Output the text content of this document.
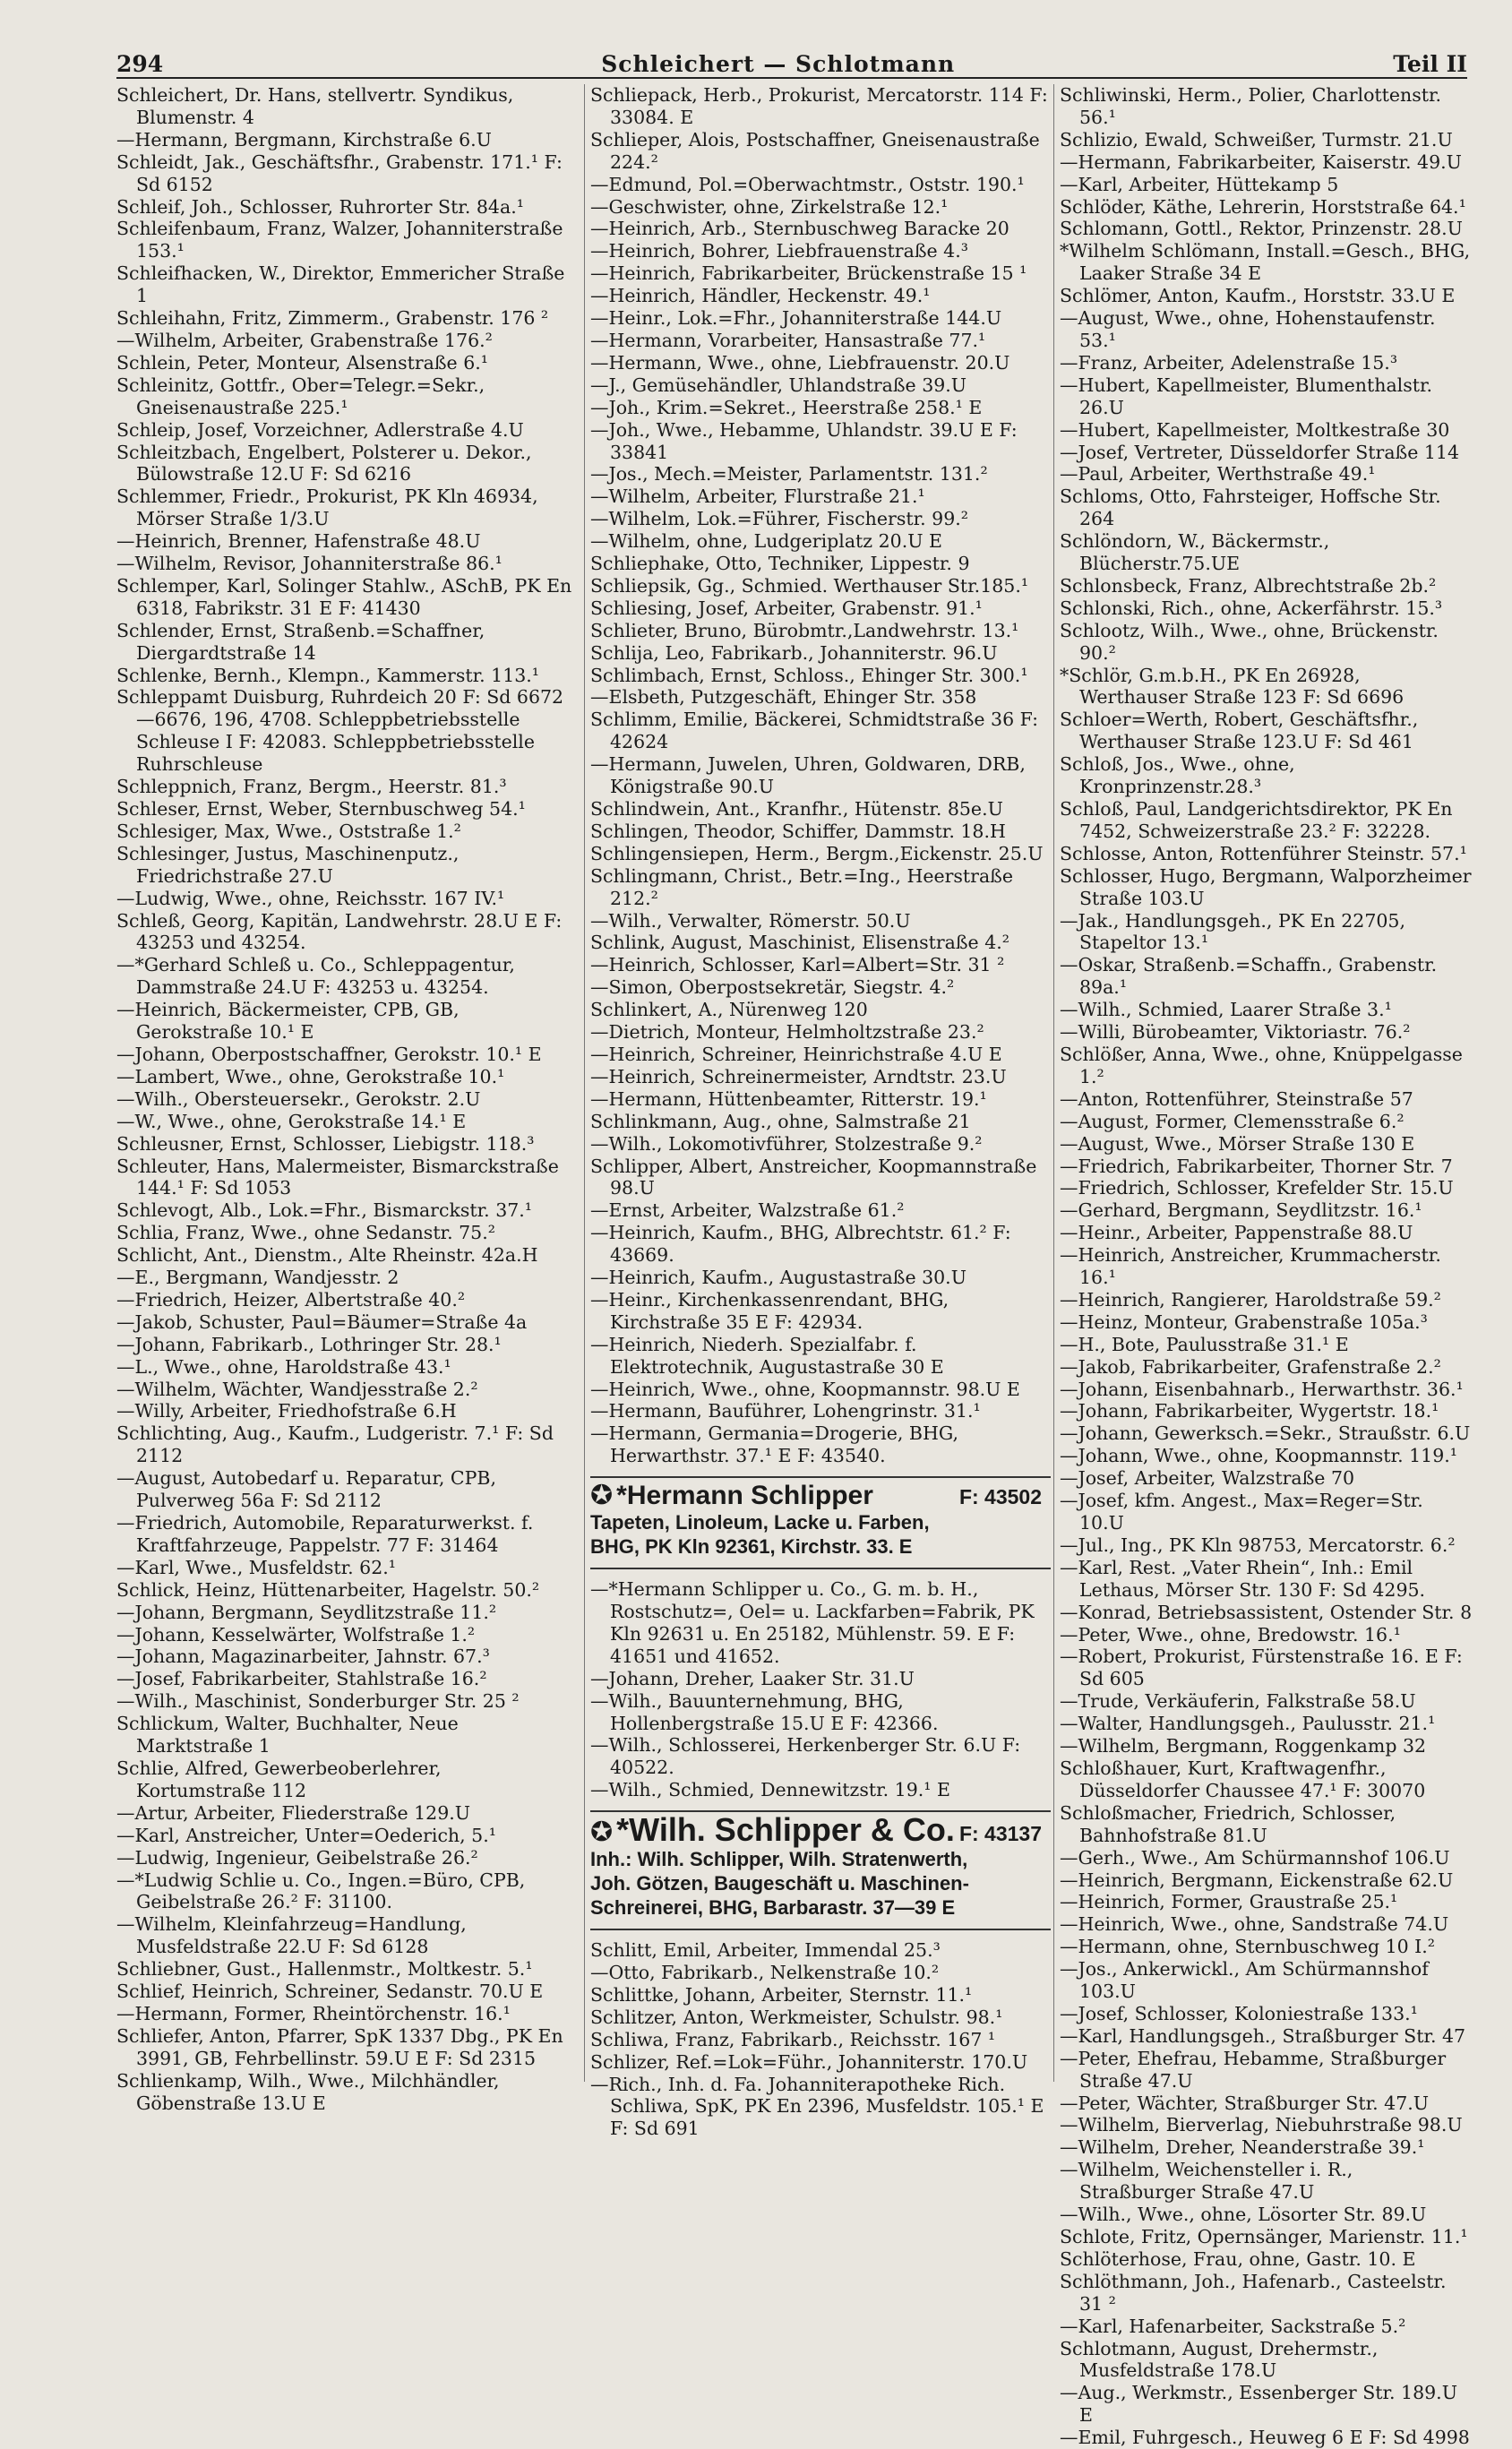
294	Schleichert — Schlotmann	Teil II
Schleichert, Dr. Hans, stellvertr. Syndikus, Blumenstr. 4
—Hermann, Bergmann, Kirchstraße 6.U
Schleidt, Jak., Geschäftsfhr., Grabenstr. 171.¹ F: Sd 6152
Schleif, Joh., Schlosser, Ruhrorter Str. 84a.¹
Schleifenbaum, Franz, Walzer, Johanniterstraße 153.¹
Schleifhacken, W., Direktor, Emmericher Straße 1
Schleihahn, Fritz, Zimmerm., Grabenstr. 176 ²
—Wilhelm, Arbeiter, Grabenstraße 176.²
Schlein, Peter, Monteur, Alsenstraße 6.¹
Schleinitz, Gottfr., Ober=Telegr.=Sekr., Gneisenaustraße 225.¹
Schleip, Josef, Vorzeichner, Adlerstraße 4.U
Schleitzbach, Engelbert, Polsterer u. Dekor., Bülowstraße 12.U F: Sd 6216
Schlemmer, Friedr., Prokurist, PK Kln 46934, Mörser Straße 1/3.U
—Heinrich, Brenner, Hafenstraße 48.U
—Wilhelm, Revisor, Johanniterstraße 86.¹
Schlemper, Karl, Solinger Stahlw., ASchB, PK En 6318, Fabrikstr. 31 E F: 41430
Schlender, Ernst, Straßenb.=Schaffner, Diergardtstraße 14
Schlenke, Bernh., Klempn., Kammerstr. 113.¹
Schleppamt Duisburg, Ruhrdeich 20 F: Sd 6672—6676, 196, 4708. Schleppbetriebsstelle Schleuse I F: 42083. Schleppbetriebsstelle Ruhrschleuse
Schleppnich, Franz, Bergm., Heerstr. 81.³
Schleser, Ernst, Weber, Sternbuschweg 54.¹
Schlesiger, Max, Wwe., Oststraße 1.²
Schlesinger, Justus, Maschinenputz., Friedrichstraße 27.U
—Ludwig, Wwe., ohne, Reichsstr. 167 IV.¹
Schleß, Georg, Kapitän, Landwehrstr. 28.U E F: 43253 und 43254.
—*Gerhard Schleß u. Co., Schleppagentur, Dammstraße 24.U F: 43253 u. 43254.
—Heinrich, Bäckermeister, CPB, GB, Gerokstraße 10.¹ E
—Johann, Oberpostschaffner, Gerokstr. 10.¹ E
—Lambert, Wwe., ohne, Gerokstraße 10.¹
—Wilh., Obersteuersekr., Gerokstr. 2.U
—W., Wwe., ohne, Gerokstraße 14.¹ E
Schleusner, Ernst, Schlosser, Liebigstr. 118.³
Schleuter, Hans, Malermeister, Bismarckstraße 144.¹ F: Sd 1053
Schlevogt, Alb., Lok.=Fhr., Bismarckstr. 37.¹
Schlia, Franz, Wwe., ohne Sedanstr. 75.²
Schlicht, Ant., Dienstm., Alte Rheinstr. 42a.H
—E., Bergmann, Wandjesstr. 2
—Friedrich, Heizer, Albertstraße 40.²
—Jakob, Schuster, Paul=Bäumer=Straße 4a
—Johann, Fabrikarb., Lothringer Str. 28.¹
—L., Wwe., ohne, Haroldstraße 43.¹
—Wilhelm, Wächter, Wandjesstraße 2.²
—Willy, Arbeiter, Friedhofstraße 6.H
Schlichting, Aug., Kaufm., Ludgeristr. 7.¹ F: Sd 2112
—August, Autobedarf u. Reparatur, CPB, Pulverweg 56a F: Sd 2112
—Friedrich, Automobile, Reparaturwerkst. f. Kraftfahrzeuge, Pappelstr. 77 F: 31464
—Karl, Wwe., Musfeldstr. 62.¹
Schlick, Heinz, Hüttenarbeiter, Hagelstr. 50.²
—Johann, Bergmann, Seydlitzstraße 11.²
—Johann, Kesselwärter, Wolfstraße 1.²
—Johann, Magazinarbeiter, Jahnstr. 67.³
—Josef, Fabrikarbeiter, Stahlstraße 16.²
—Wilh., Maschinist, Sonderburger Str. 25 ²
Schlickum, Walter, Buchhalter, Neue Marktstraße 1
Schlie, Alfred, Gewerbeoberlehrer, Kortumstraße 112
—Artur, Arbeiter, Fliederstraße 129.U
—Karl, Anstreicher, Unter=Oederich, 5.¹
—Ludwig, Ingenieur, Geibelstraße 26.²
—*Ludwig Schlie u. Co., Ingen.=Büro, CPB, Geibelstraße 26.² F: 31100.
—Wilhelm, Kleinfahrzeug=Handlung, Musfeldstraße 22.U F: Sd 6128
Schliebner, Gust., Hallenmstr., Moltkestr. 5.¹
Schlief, Heinrich, Schreiner, Sedanstr. 70.U E
—Hermann, Former, Rheintörchenstr. 16.¹
Schliefer, Anton, Pfarrer, SpK 1337 Dbg., PK En 3991, GB, Fehrbellinstr. 59.U E F: Sd 2315
Schlienkamp, Wilh., Wwe., Milchhändler, Göbenstraße 13.U E
Schliepack, Herb., Prokurist, Mercatorstr. 114 F: 33084. E
Schlieper, Alois, Postschaffner, Gneisenaustraße 224.²
—Edmund, Pol.=Oberwachtmstr., Oststr. 190.¹
—Geschwister, ohne, Zirkelstraße 12.¹
—Heinrich, Arb., Sternbuschweg Baracke 20
—Heinrich, Bohrer, Liebfrauenstraße 4.³
—Heinrich, Fabrikarbeiter, Brückenstraße 15 ¹
—Heinrich, Händler, Heckenstr. 49.¹
—Heinr., Lok.=Fhr., Johanniterstraße 144.U
—Hermann, Vorarbeiter, Hansastraße 77.¹
—Hermann, Wwe., ohne, Liebfrauenstr. 20.U
—J., Gemüsehändler, Uhlandstraße 39.U
—Joh., Krim.=Sekret., Heerstraße 258.¹ E
—Joh., Wwe., Hebamme, Uhlandstr. 39.U E F: 33841
—Jos., Mech.=Meister, Parlamentstr. 131.²
—Wilhelm, Arbeiter, Flurstraße 21.¹
—Wilhelm, Lok.=Führer, Fischerstr. 99.²
—Wilhelm, ohne, Ludgeriplatz 20.U E
Schliephake, Otto, Techniker, Lippestr. 9
Schliepsik, Gg., Schmied. Werthauser Str.185.¹
Schliesing, Josef, Arbeiter, Grabenstr. 91.¹
Schlieter, Bruno, Bürobmtr.,Landwehrstr. 13.¹
Schlija, Leo, Fabrikarb., Johanniterstr. 96.U
Schlimbach, Ernst, Schloss., Ehinger Str. 300.¹
—Elsbeth, Putzgeschäft, Ehinger Str. 358
Schlimm, Emilie, Bäckerei, Schmidtstraße 36 F: 42624
—Hermann, Juwelen, Uhren, Goldwaren, DRB, Königstraße 90.U
Schlindwein, Ant., Kranfhr., Hütenstr. 85e.U
Schlingen, Theodor, Schiffer, Dammstr. 18.H
Schlingensiepen, Herm., Bergm.,Eickenstr. 25.U
Schlingmann, Christ., Betr.=Ing., Heerstraße 212.²
—Wilh., Verwalter, Römerstr. 50.U
Schlink, August, Maschinist, Elisenstraße 4.²
—Heinrich, Schlosser, Karl=Albert=Str. 31 ²
—Simon, Oberpostsekretär, Siegstr. 4.²
Schlinkert, A., Nürenweg 120
—Dietrich, Monteur, Helmholtzstraße 23.²
—Heinrich, Schreiner, Heinrichstraße 4.U E
—Heinrich, Schreinermeister, Arndtstr. 23.U
—Hermann, Hüttenbeamter, Ritterstr. 19.¹
Schlinkmann, Aug., ohne, Salmstraße 21
—Wilh., Lokomotivführer, Stolzestraße 9.²
Schlipper, Albert, Anstreicher, Koopmannstraße 98.U
—Ernst, Arbeiter, Walzstraße 61.²
—Heinrich, Kaufm., BHG, Albrechtstr. 61.² F: 43669.
—Heinrich, Kaufm., Augustastraße 30.U
—Heinr., Kirchenkassenrendant, BHG, Kirchstraße 35 E F: 42934.
—Heinrich, Niederh. Spezialfabr. f. Elektrotechnik, Augustastraße 30 E
—Heinrich, Wwe., ohne, Koopmannstr. 98.U E
—Hermann, Bauführer, Lohengrinstr. 31.¹
—Hermann, Germania=Drogerie, BHG, Herwarthstr. 37.¹ E F: 43540.
✪ *Hermann Schlipper	F: 43502
Tapeten, Linoleum, Lacke u. Farben,
BHG, PK Kln 92361, Kirchstr. 33. E
—*Hermann Schlipper u. Co., G. m. b. H., Rostschutz=, Oel= u. Lackfarben=Fabrik, PK Kln 92631 u. En 25182, Mühlenstr. 59. E F: 41651 und 41652.
—Johann, Dreher, Laaker Str. 31.U
—Wilh., Bauunternehmung, BHG, Hollenbergstraße 15.U E F: 42366.
—Wilh., Schlosserei, Herkenberger Str. 6.U F: 40522.
—Wilh., Schmied, Dennewitzstr. 19.¹ E
✪ *Wilh. Schlipper & Co. F: 43137
Inh.: Wilh. Schlipper, Wilh. Stratenwerth,
Joh. Götzen, Baugeschäft u. Maschinen-
Schreinerei, BHG, Barbarastr. 37—39 E
Schlitt, Emil, Arbeiter, Immendal 25.³
—Otto, Fabrikarb., Nelkenstraße 10.²
Schlittke, Johann, Arbeiter, Sternstr. 11.¹
Schlitzer, Anton, Werkmeister, Schulstr. 98.¹
Schliwa, Franz, Fabrikarb., Reichsstr. 167 ¹
Schlizer, Ref.=Lok=Führ., Johanniterstr. 170.U
—Rich., Inh. d. Fa. Johanniterapotheke Rich. Schliwa, SpK, PK En 2396, Musfeldstr. 105.¹ E F: Sd 691
Schliwinski, Herm., Polier, Charlottenstr. 56.¹
Schlizio, Ewald, Schweißer, Turmstr. 21.U
—Hermann, Fabrikarbeiter, Kaiserstr. 49.U
—Karl, Arbeiter, Hüttekamp 5
Schlöder, Käthe, Lehrerin, Horststraße 64.¹
Schlomann, Gottl., Rektor, Prinzenstr. 28.U
*Wilhelm Schlömann, Install.=Gesch., BHG, Laaker Straße 34 E
Schlömer, Anton, Kaufm., Horststr. 33.U E
—August, Wwe., ohne, Hohenstaufenstr. 53.¹
—Franz, Arbeiter, Adelenstraße 15.³
—Hubert, Kapellmeister, Blumenthalstr. 26.U
—Hubert, Kapellmeister, Moltkestraße 30
—Josef, Vertreter, Düsseldorfer Straße 114
—Paul, Arbeiter, Werthstraße 49.¹
Schloms, Otto, Fahrsteiger, Hoffsche Str. 264
Schlöndorn, W., Bäckermstr., Blücherstr.75.UE
Schlonsbeck, Franz, Albrechtstraße 2b.²
Schlonski, Rich., ohne, Ackerfährstr. 15.³
Schlootz, Wilh., Wwe., ohne, Brückenstr. 90.²
*Schlör, G.m.b.H., PK En 26928, Werthauser Straße 123 F: Sd 6696
Schloer=Werth, Robert, Geschäftsfhr., Werthauser Straße 123.U F: Sd 461
Schloß, Jos., Wwe., ohne, Kronprinzenstr.28.³
Schloß, Paul, Landgerichtsdirektor, PK En 7452, Schweizerstraße 23.² F: 32228.
Schlosse, Anton, Rottenführer Steinstr. 57.¹
Schlosser, Hugo, Bergmann, Walporzheimer Straße 103.U
—Jak., Handlungsgeh., PK En 22705, Stapeltor 13.¹
—Oskar, Straßenb.=Schaffn., Grabenstr. 89a.¹
—Wilh., Schmied, Laarer Straße 3.¹
—Willi, Bürobeamter, Viktoriastr. 76.²
Schlößer, Anna, Wwe., ohne, Knüppelgasse 1.²
—Anton, Rottenführer, Steinstraße 57
—August, Former, Clemensstraße 6.²
—August, Wwe., Mörser Straße 130 E
—Friedrich, Fabrikarbeiter, Thorner Str. 7
—Friedrich, Schlosser, Krefelder Str. 15.U
—Gerhard, Bergmann, Seydlitzstr. 16.¹
—Heinr., Arbeiter, Pappenstraße 88.U
—Heinrich, Anstreicher, Krummacherstr. 16.¹
—Heinrich, Rangierer, Haroldstraße 59.²
—Heinz, Monteur, Grabenstraße 105a.³
—H., Bote, Paulusstraße 31.¹ E
—Jakob, Fabrikarbeiter, Grafenstraße 2.²
—Johann, Eisenbahnarb., Herwarthstr. 36.¹
—Johann, Fabrikarbeiter, Wygertstr. 18.¹
—Johann, Gewerksch.=Sekr., Straußstr. 6.U
—Johann, Wwe., ohne, Koopmannstr. 119.¹
—Josef, Arbeiter, Walzstraße 70
—Josef, kfm. Angest., Max=Reger=Str. 10.U
—Jul., Ing., PK Kln 98753, Mercatorstr. 6.²
—Karl, Rest. „Vater Rhein“, Inh.: Emil Lethaus, Mörser Str. 130 F: Sd 4295.
—Konrad, Betriebsassistent, Ostender Str. 8
—Peter, Wwe., ohne, Bredowstr. 16.¹
—Robert, Prokurist, Fürstenstraße 16. E F: Sd 605
—Trude, Verkäuferin, Falkstraße 58.U
—Walter, Handlungsgeh., Paulusstr. 21.¹
—Wilhelm, Bergmann, Roggenkamp 32
Schloßhauer, Kurt, Kraftwagenfhr., Düsseldorfer Chaussee 47.¹ F: 30070
Schloßmacher, Friedrich, Schlosser, Bahnhofstraße 81.U
—Gerh., Wwe., Am Schürmannshof 106.U
—Heinrich, Bergmann, Eickenstraße 62.U
—Heinrich, Former, Graustraße 25.¹
—Heinrich, Wwe., ohne, Sandstraße 74.U
—Hermann, ohne, Sternbuschweg 10 I.²
—Jos., Ankerwickl., Am Schürmannshof 103.U
—Josef, Schlosser, Koloniestraße 133.¹
—Karl, Handlungsgeh., Straßburger Str. 47
—Peter, Ehefrau, Hebamme, Straßburger Straße 47.U
—Peter, Wächter, Straßburger Str. 47.U
—Wilhelm, Bierverlag, Niebuhrstraße 98.U
—Wilhelm, Dreher, Neanderstraße 39.¹
—Wilhelm, Weichensteller i. R., Straßburger Straße 47.U
—Wilh., Wwe., ohne, Lösorter Str. 89.U
Schlote, Fritz, Opernsänger, Marienstr. 11.¹
Schlöterhose, Frau, ohne, Gastr. 10. E
Schlöthmann, Joh., Hafenarb., Casteelstr. 31 ²
—Karl, Hafenarbeiter, Sackstraße 5.²
Schlotmann, August, Drehermstr., Musfeldstraße 178.U
—Aug., Werkmstr., Essenberger Str. 189.U E
—Emil, Fuhrgesch., Heuweg 6 E F: Sd 4998
